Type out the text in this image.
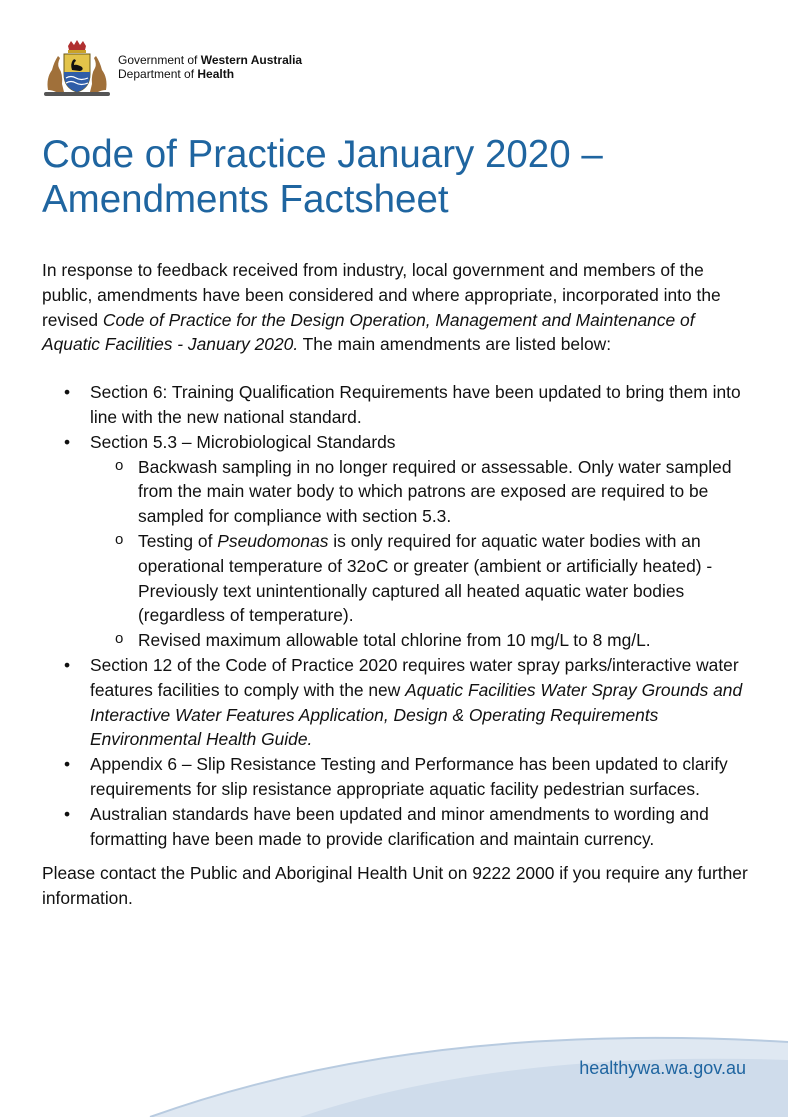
Government of Western Australia
Department of Health
Code of Practice January 2020 –
Amendments Factsheet

In response to feedback received from industry, local government and members of the public, amendments have been considered and where appropriate, incorporated into the revised Code of Practice for the Design Operation, Management and Maintenance of Aquatic Facilities - January 2020. The main amendments are listed below:

• Section 6: Training Qualification Requirements have been updated to bring them into line with the new national standard.
• Section 5.3 – Microbiological Standards
o Backwash sampling in no longer required or assessable. Only water sampled from the main water body to which patrons are exposed are required to be sampled for compliance with section 5.3.
o Testing of Pseudomonas is only required for aquatic water bodies with an operational temperature of 32oC or greater (ambient or artificially heated) - Previously text unintentionally captured all heated aquatic water bodies (regardless of temperature).
o Revised maximum allowable total chlorine from 10 mg/L to 8 mg/L.
• Section 12 of the Code of Practice 2020 requires water spray parks/interactive water features facilities to comply with the new Aquatic Facilities Water Spray Grounds and Interactive Water Features Application, Design & Operating Requirements Environmental Health Guide.
• Appendix 6 – Slip Resistance Testing and Performance has been updated to clarify requirements for slip resistance appropriate aquatic facility pedestrian surfaces.
• Australian standards have been updated and minor amendments to wording and formatting have been made to provide clarification and maintain currency.

Please contact the Public and Aboriginal Health Unit on 9222 2000 if you require any further information.

healthywa.wa.gov.au
